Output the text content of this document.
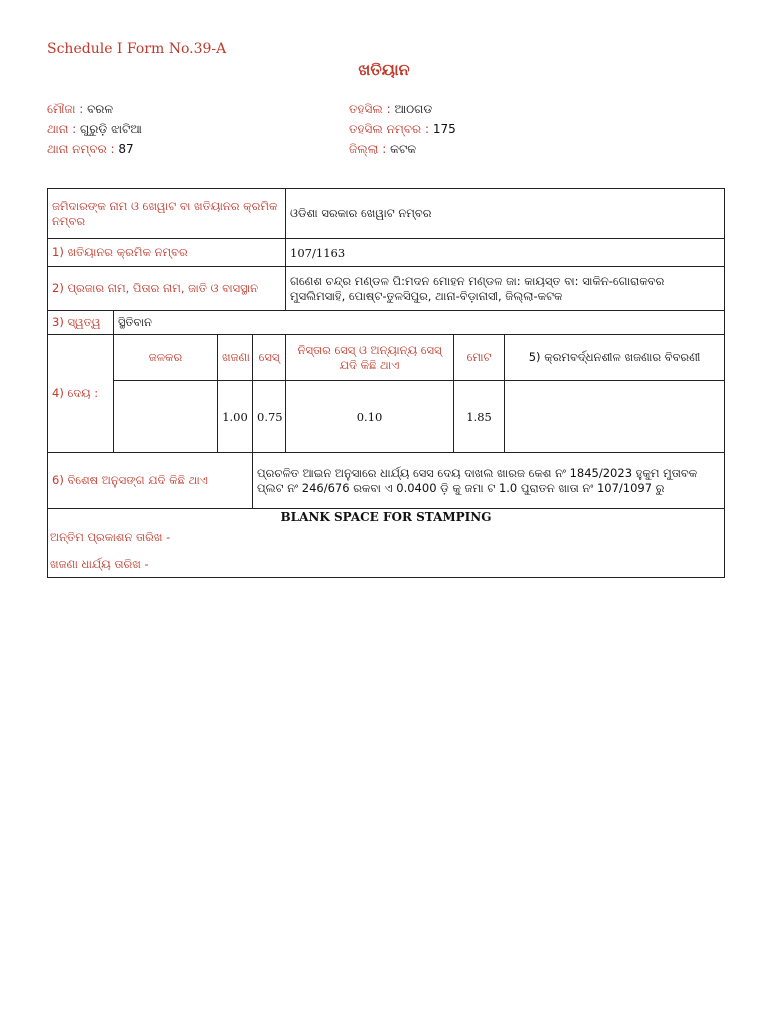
Schedule I Form No.39-A
ଖତିୟାନ
ମୌଜା : ବରଳ
ଥାନା : ଗୁରୁଡ଼ି ଝାଟିଆ
ଥାନା ନମ୍ବର : 87
ତହସିଲ : ଆଠଗଡ
ତହସିଲ ନମ୍ବର : 175
ଜିଲ୍ଲା : କଟକ
ଜମିଦାରଙ୍କ ନାମ ଓ ଖେୱାଟ ବା ଖତିୟାନର କ୍ରମିକ ନମ୍ବର				ଓଡିଶା ସରକାର ଖେୱାଟ ନମ୍ବର		
1) ଖତିୟାନର କ୍ରମିକ ନମ୍ବର				107/1163		
2) ପ୍ରଜାର ନାମ, ପିତାର ନାମ, ଜାତି ଓ ବାସସ୍ଥାନ				ଗଣେଶ ଚନ୍ଦ୍ର ମଣ୍ଡଳ ପି:ମଦନ ମୋହନ ମଣ୍ଡଳ ଜା: କାୟସ୍ତ ବା: ସାକିନ-ଗୋରାକବର ମୁସଲିମସାହି, ପୋଷ୍ଟ-ତୁଳସିପୁର, ଥାନା-ବିଡ଼ାନାସୀ, ଜିଲ୍ଲା-କଟକ		
3) ସ୍ୱତ୍ୱ	ସ୍ଥିତିବାନ					
4) ଦେୟ :	ଜଳକର	ଖଜଣା	ସେସ୍	ନିସ୍ତାର ସେସ୍ ଓ ଅନ୍ୟାନ୍ୟ ସେସ୍ ଯଦି କିଛି ଥାଏ	ମୋଟ	5) କ୍ରମବର୍ଦ୍ଧନଶୀଳ ଖଜଣାର ବିବରଣୀ
		1.00	0.75	0.10	1.85	
6) ବିଶେଷ ଅନୁସଙ୍ଗ ଯଦି କିଛି ଥାଏ			ପ୍ରଚଳିତ ଆଇନ ଅନୁସାରେ ଧାର୍ଯ୍ୟ ସେସ ଦେୟ ଦାଖଲ ଖାରଜ କେଶ ନଂ 1845/2023 ହୁକୁମ ମୁତାବକ ପ୍ଲଟ ନଂ 246/676 ରକବା ଏ 0.0400 ଡ଼ି କୁ ଜମା ଟ 1.0 ପୁରାତନ ଖାତା ନଂ 107/1097 ରୁ			

BLANK SPACE FOR STAMPING
ଅନ୍ତିମ ପ୍ରକାଶନ ତାରିଖ -
ଖଜଣା ଧାର୍ଯ୍ୟ ତାରିଖ -						
